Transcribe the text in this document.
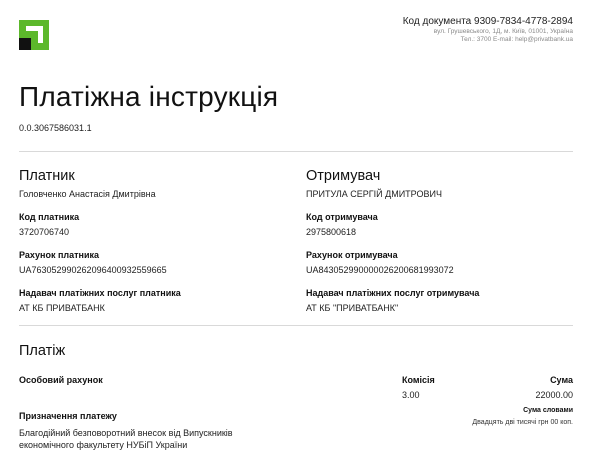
Код документа 9309-7834-4778-2894
вул. Грушевського, 1Д, м. Київ, 01001, Україна
Тел.: 3700 E-mail: help@privatbank.ua
Платіжна інструкція
0.0.3067586031.1
Платник
Головченко Анастасія Дмитрівна
Код платника
3720706740
Рахунок платника
UA763052990262096400932559665
Надавач платіжних послуг платника
АТ КБ ПРИВАТБАНК
Отримувач
ПРИТУЛА СЕРГІЙ ДМИТРОВИЧ
Код отримувача
2975800618
Рахунок отримувача
UA843052990000026200681993072
Надавач платіжних послуг отримувача
АТ КБ "ПРИВАТБАНК"
Платіж
Особовий рахунок	Комісія
3.00
Сума
22000.00
Сума словами
Двадцять дві тисячі грн 00 коп.
Призначення платежу
Благодійний безповоротний внесок від Випускників економічного факультету НУБіП України
